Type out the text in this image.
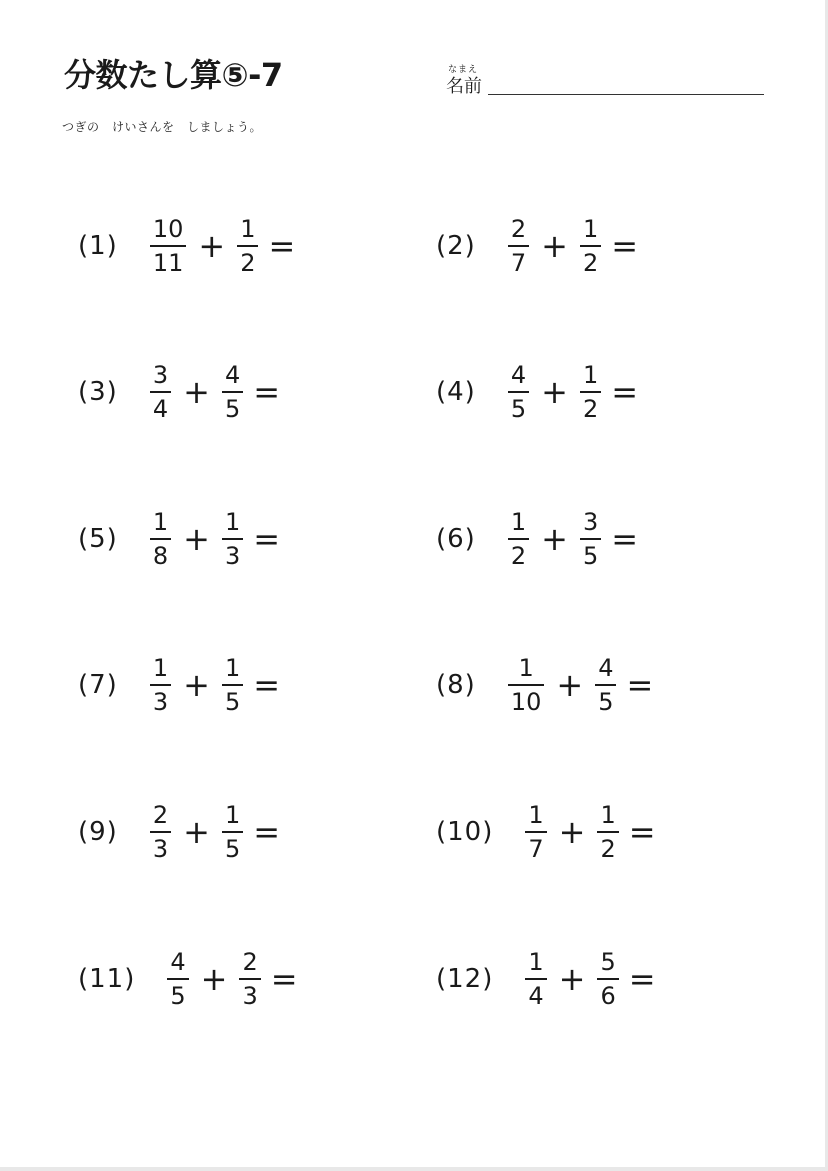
分数たし算⑤-7	なまえ
名前
つぎの　けいさんを　しましょう。
$(1) \frac{10}{11} + \frac{1}{2}$ =	$(2) \frac{2}{7} + \frac{1}{2}$ =
$(3) \frac{3}{4} + \frac{4}{5}$ =	$(4) \frac{4}{5} + \frac{1}{2}$ =
$(5) \frac{1}{8} + \frac{1}{3}$ =	$(6) \frac{1}{2} + \frac{3}{5}$ =
$(7) \frac{1}{3} + \frac{1}{5}$ =	$(8) \frac{1}{10} + \frac{4}{5}$ =
$(9) \frac{2}{3} + \frac{1}{5}$ =	$(10) \frac{1}{7} + \frac{1}{2}$ =
$(11) \frac{4}{5} + \frac{2}{3}$ =	$(12) \frac{1}{4} + \frac{5}{6}$ =
